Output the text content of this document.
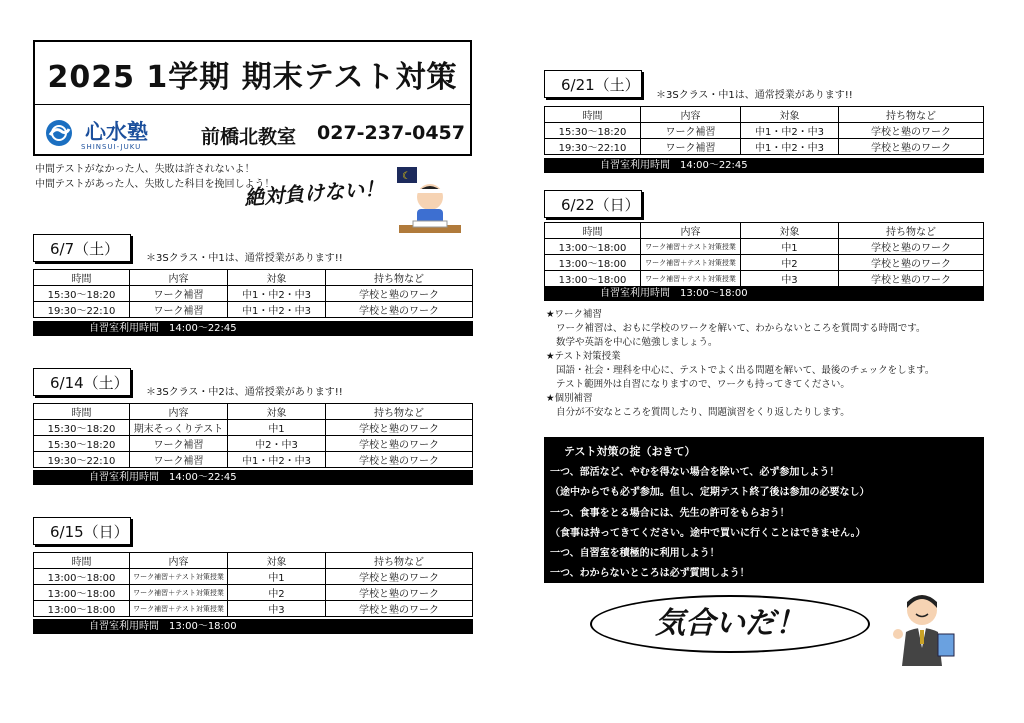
2025 1学期 期末テスト対策
心水塾
SHINSUI-JUKU	前橋北教室 027-237-0457
中間テストがなかった人、失敗は許されないよ！
中間テストがあった人、失敗した科目を挽回しよう！
絶対負けない！ ☾
6/7（土）
＊3Sクラス・中1は、通常授業があります!!
時間	内容	対象	持ち物など
15:30〜18:20	ワーク補習	中1・中2・中3	学校と塾のワーク
19:30〜22:10	ワーク補習	中1・中2・中3	学校と塾のワーク
自習室利用時間　14:00〜22:45
6/14（土）
＊3Sクラス・中2は、通常授業があります!!
時間	内容	対象	持ち物など
15:30〜18:20	期末そっくりテスト	中1	学校と塾のワーク
15:30〜18:20	ワーク補習	中2・中3	学校と塾のワーク
19:30〜22:10	ワーク補習	中1・中2・中3	学校と塾のワーク
自習室利用時間　14:00〜22:45
6/15（日）
時間	内容	対象	持ち物など
13:00〜18:00	ワーク補習＋テスト対策授業	中1	学校と塾のワーク
13:00〜18:00	ワーク補習＋テスト対策授業	中2	学校と塾のワーク
13:00〜18:00	ワーク補習＋テスト対策授業	中3	学校と塾のワーク
自習室利用時間　13:00〜18:00
6/21（土）
＊3Sクラス・中1は、通常授業があります!!
時間	内容	対象	持ち物など
15:30〜18:20	ワーク補習	中1・中2・中3	学校と塾のワーク
19:30〜22:10	ワーク補習	中1・中2・中3	学校と塾のワーク
自習室利用時間　14:00〜22:45
6/22（日）
時間	内容	対象	持ち物など
13:00〜18:00	ワーク補習＋テスト対策授業	中1	学校と塾のワーク
13:00〜18:00	ワーク補習＋テスト対策授業	中2	学校と塾のワーク
13:00〜18:00	ワーク補習＋テスト対策授業	中3	学校と塾のワーク
自習室利用時間　13:00〜18:00
★ワーク補習
ワーク補習は、おもに学校のワークを解いて、わからないところを質問する時間です。
数学や英語を中心に勉強しましょう。
★テスト対策授業
国語・社会・理科を中心に、テストでよく出る問題を解いて、最後のチェックをします。
テスト範囲外は自習になりますので、ワークも持ってきてください。
★個別補習
自分が不安なところを質問したり、問題演習をくり返したりします。
テスト対策の掟（おきて）
一つ、部活など、やむを得ない場合を除いて、必ず参加しよう！
（途中からでも必ず参加。但し、定期テスト終了後は参加の必要なし）
一つ、食事をとる場合には、先生の許可をもらおう！
（食事は持ってきてください。途中で買いに行くことはできません。）
一つ、自習室を積極的に利用しよう！
一つ、わからないところは必ず質問しよう！
気合いだ！
